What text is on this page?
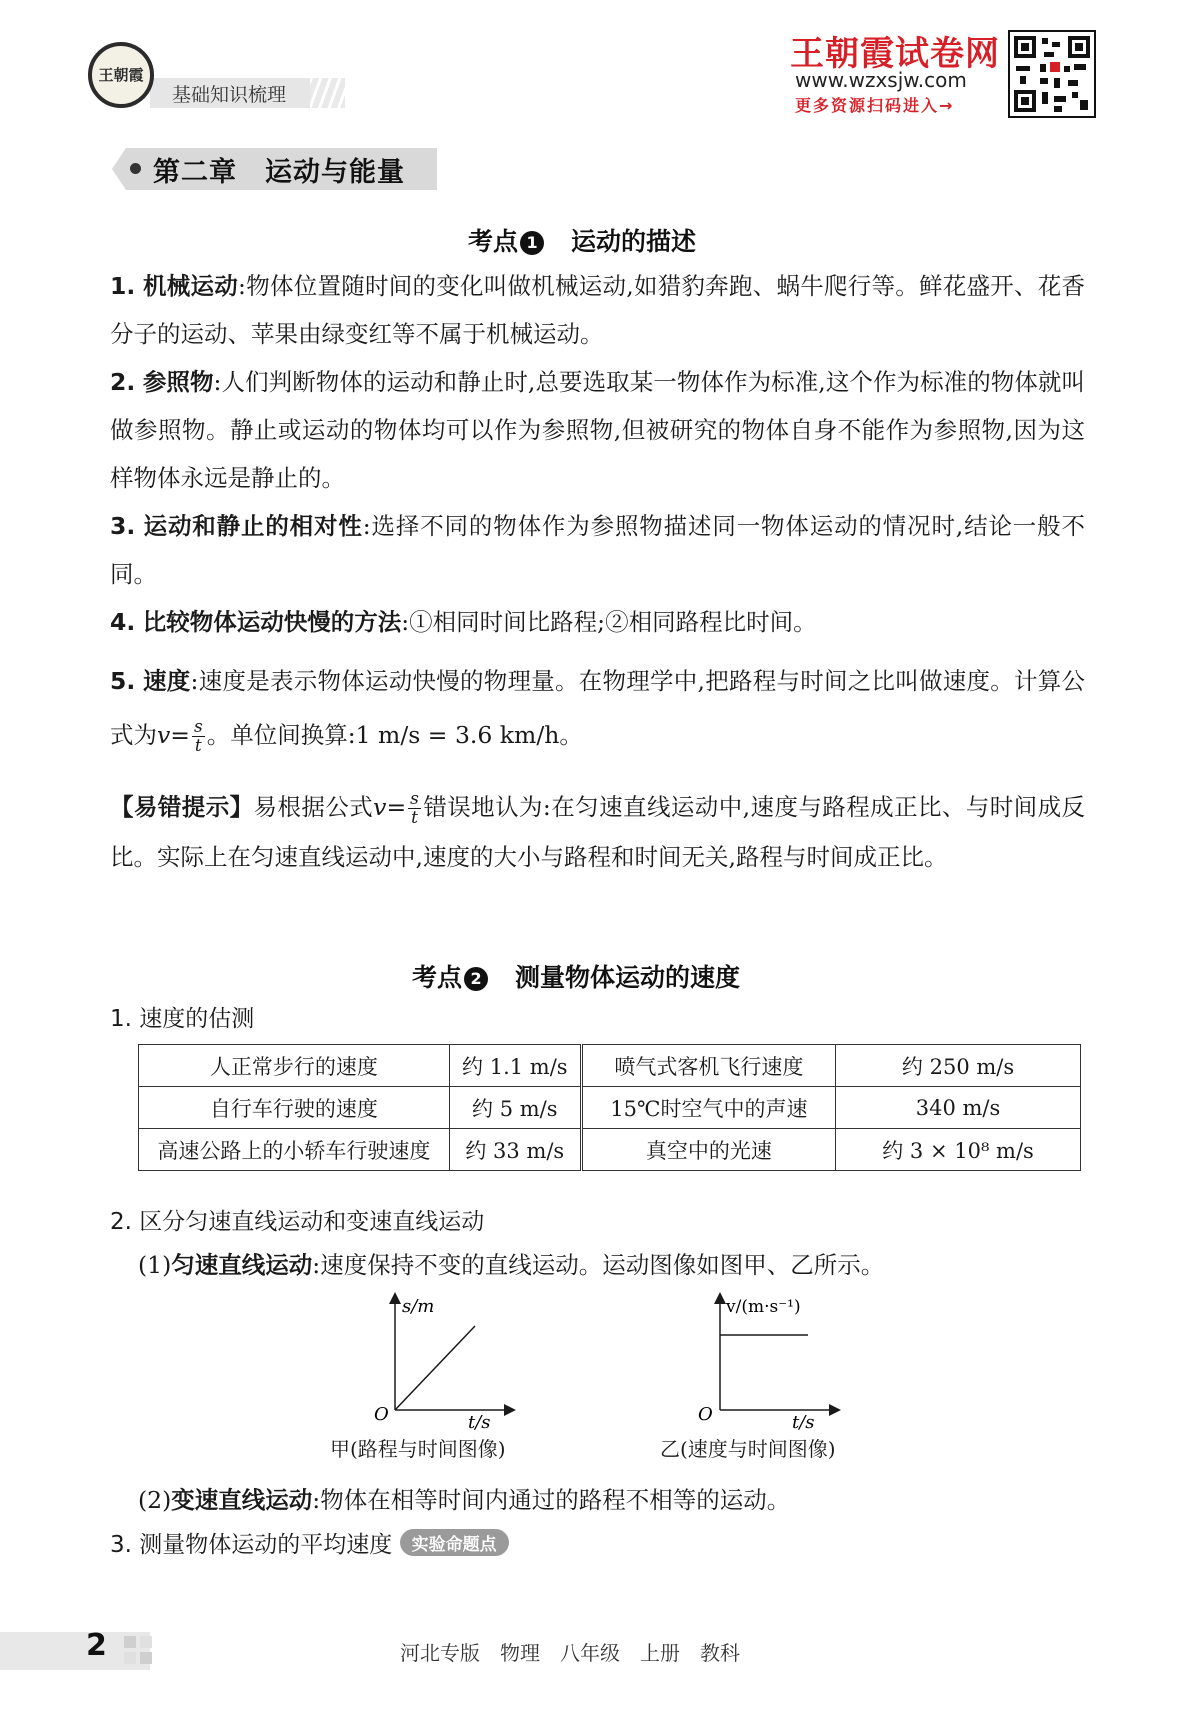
王朝霞
基础知识梳理
王朝霞试卷网
www.wzxsjw.com
更多资源扫码进入→
第二章　运动与能量
考点 1　 运动的描述
1. 机械运动:物体位置随时间的变化叫做机械运动,如猎豹奔跑、蜗牛爬行等。鲜花盛开、花香分子的运动、苹果由绿变红等不属于机械运动。
2. 参照物:人们判断物体的运动和静止时,总要选取某一物体作为标准,这个作为标准的物体就叫做参照物。静止或运动的物体均可以作为参照物,但被研究的物体自身不能作为参照物,因为这样物体永远是静止的。
3. 运动和静止的相对性:选择不同的物体作为参照物描述同一物体运动的情况时,结论一般不同。
4. 比较物体运动快慢的方法:①相同时间比路程;②相同路程比时间。
5. 速度:速度是表示物体运动快慢的物理量。在物理学中,把路程与时间之比叫做速度。计算公式为$v= \frac{s}{t}$ 。单位间换算:1 m/s = 3.6 km/h。
【易错提示】易根据公式$v= \frac{s}{t}$ 错误地认为:在匀速直线运动中,速度与路程成正比、与时间成反比。实际上在匀速直线运动中,速度的大小与路程和时间无关,路程与时间成正比。
考点 2　 测量物体运动的速度
1. 速度的估测
人正常步行的速度	约 1.1 m/s	喷气式客机飞行速度	约 250 m/s
自行车行驶的速度	约 5 m/s	15℃时空气中的声速	340 m/s
高速公路上的小轿车行驶速度	约 33 m/s	真空中的光速	约 3 × 10⁸ m/s
2. 区分匀速直线运动和变速直线运动
(1)匀速直线运动:速度保持不变的直线运动。运动图像如图甲、乙所示。
s/m
O	t/s
甲(路程与时间图像)
v/(m·s⁻¹)
O	t/s
乙(速度与时间图像)
(2)变速直线运动:物体在相等时间内通过的路程不相等的运动。
3. 测量物体运动的平均速度 实验命题点
2	河北专版　物理　八年级　上册　教科
